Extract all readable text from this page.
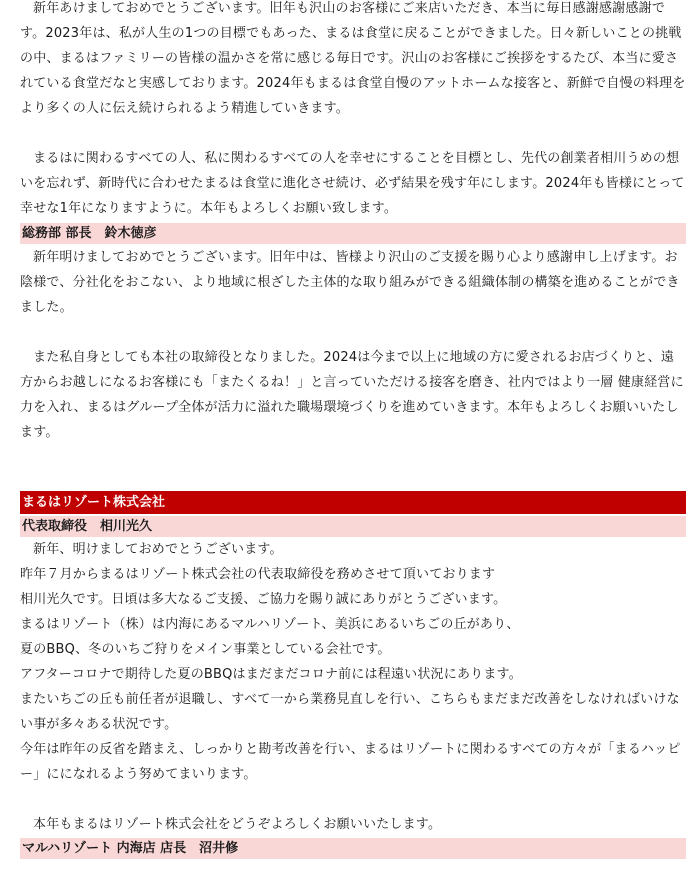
新年あけましておめでとうございます。旧年も沢山のお客様にご来店いただき、本当に毎日感謝感謝感謝です。2023年は、私が人生の1つの目標でもあった、まるは食堂に戻ることができました。日々新しいことの挑戦の中、まるはファミリーの皆様の温かさを常に感じる毎日です。沢山のお客様にご挨拶をするたび、本当に愛されている食堂だなと実感しております。2024年もまるは食堂自慢のアットホームな接客と、新鮮で自慢の料理をより多くの人に伝え続けられるよう精進していきます。

まるはに関わるすべての人、私に関わるすべての人を幸せにすることを目標とし、先代の創業者相川うめの想いを忘れず、新時代に合わせたまるは食堂に進化させ続け、必ず結果を残す年にします。2024年も皆様にとって幸せな1年になりますように。本年もよろしくお願い致します。

総務部 部長　鈴木徳彦

新年明けましておめでとうございます。旧年中は、皆様より沢山のご支援を賜り心より感謝申し上げます。お陰様で、分社化をおこない、より地域に根ざした主体的な取り組みができる組織体制の構築を進めることができました。

また私自身としても本社の取締役となりました。2024は今まで以上に地域の方に愛されるお店づくりと、遠方からお越しになるお客様にも「またくるね！」と言っていただける接客を磨き、社内ではより一層 健康経営に力を入れ、まるはグループ全体が活力に溢れた職場環境づくりを進めていきます。本年もよろしくお願いいたします。

まるはリゾート株式会社

代表取締役　相川光久

新年、明けましておめでとうございます。

昨年７月からまるはリゾート株式会社の代表取締役を務めさせて頂いております

相川光久です。日頃は多大なるご支援、ご協力を賜り誠にありがとうございます。

まるはリゾート（株）は内海にあるマルハリゾート、美浜にあるいちごの丘があり、

夏のBBQ、冬のいちご狩りをメイン事業としている会社です。

アフターコロナで期待した夏のBBQはまだまだコロナ前には程遠い状況にあります。

またいちごの丘も前任者が退職し、すべて一から業務見直しを行い、こちらもまだまだ改善をしなければいけない事が多々ある状況です。

今年は昨年の反省を踏まえ、しっかりと勘考改善を行い、まるはリゾートに関わるすべての方々が「まるハッピー」にになれるよう努めてまいります。

本年もまるはリゾート株式会社をどうぞよろしくお願いいたします。

マルハリゾート 内海店 店長　沼井修
